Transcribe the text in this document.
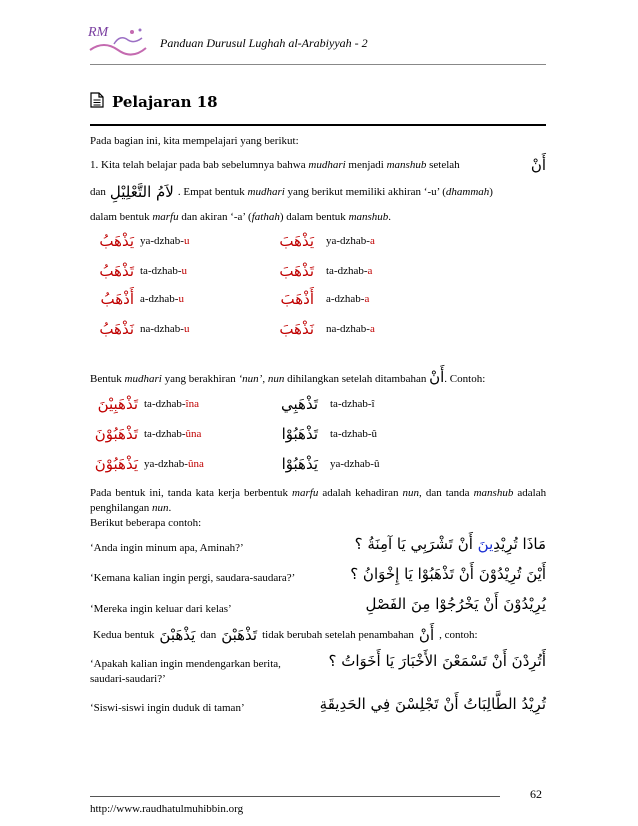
RM
Panduan Durusul Lughah al-Arabiyyah - 2
Pelajaran 18
Pada bagian ini, kita mempelajari yang berikut:
1. Kita telah belajar pada bab sebelumnya bahwa mudhari menjadi manshub setelah	أَنْ
dan لاَمُ التَّعْلِيْلِ . Empat bentuk mudhari yang berikut memiliki akhiran ‘-u’ (dhammah)
dalam bentuk marfu dan akiran ‘-a’ (fathah) dalam bentuk manshub.
يَذْهَبُ ya-dzhab-u	يَذْهَبَ ya-dzhab-a
تَذْهَبُ ta-dzhab-u	تَذْهَبَ ta-dzhab-a
أَذْهَبُ a-dzhab-u	أَذْهَبَ a-dzhab-a
نَذْهَبُ na-dzhab-u	نَذْهَبَ na-dzhab-a
Bentuk mudhari yang berakhiran ‘nun’, nun dihilangkan setelah ditambahan أَنْ. Contoh:
تَذْهَبِيْنَ ta-dzhab-îna	تَذْهَبِي ta-dzhab-î
تَذْهَبُوْنَ ta-dzhab-ûna	تَذْهَبُوْا ta-dzhab-û
يَذْهَبُوْنَ ya-dzhab-ûna	يَذْهَبُوْا ya-dzhab-û
Pada bentuk ini, tanda kata kerja berbentuk marfu adalah kehadiran nun, dan tanda manshub adalah penghilangan nun.
Berikut beberapa contoh:
‘Anda ingin minum apa, Aminah?’	مَاذَا تُرِيْدِينَ أَنْ تَشْرَبِي يَا آمِنَةُ ؟
‘Kemana kalian ingin pergi, saudara-saudara?’	أَيْنَ تُرِيْدُوْنَ أَنْ تَذْهَبُوْا يَا إِخْوَانُ ؟
‘Mereka ingin keluar dari kelas’	يُرِيْدُوْنَ أَنْ يَخْرُجُوْا مِنَ الفَصْلِ
Kedua bentuk يَذْهَبْنَ dan تَذْهَبْنَ tidak berubah setelah penambahan أَنْ , contoh:
‘Apakah kalian ingin mendengarkan berita,
saudari-saudari?’
أَتُرِدْنَ أَنْ تَسْمَعْنَ الأَخْبَارَ يَا أَخَوَاتُ ؟
‘Siswi-siswi ingin duduk di taman’	تُرِيْدُ الطَّالِبَاتُ أَنْ تَجْلِسْنَ فِي الحَدِيقَةِ
62
http://www.raudhatulmuhibbin.org
